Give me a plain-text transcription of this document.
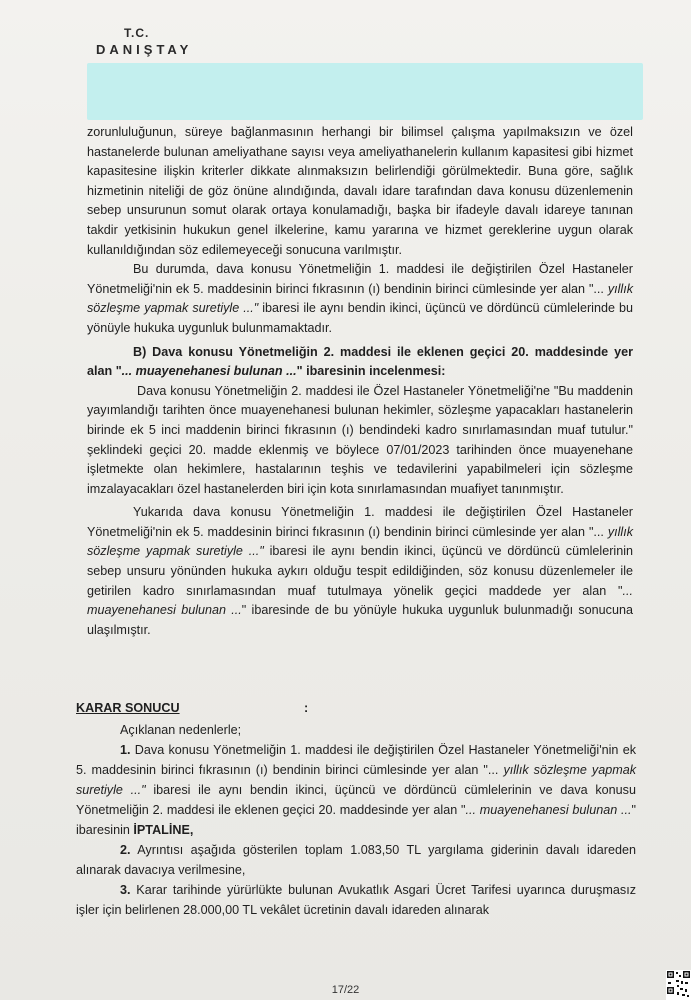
T.C.
DANIŞTAY

zorunluluğunun, süreye bağlanmasının herhangi bir bilimsel çalışma yapılmaksızın ve özel hastanelerde bulunan ameliyathane sayısı veya ameliyathanelerin kullanım kapasitesi gibi hizmet kapasitesine ilişkin kriterler dikkate alınmaksızın belirlendiği görülmektedir. Buna göre, sağlık hizmetinin niteliği de göz önüne alındığında, davalı idare tarafından dava konusu düzenlemenin sebep unsurunun somut olarak ortaya konulamadığı, başka bir ifadeyle davalı idareye tanınan takdir yetkisinin hukukun genel ilkelerine, kamu yararına ve hizmet gereklerine uygun olarak kullanıldığından söz edilemeyeceği sonucuna varılmıştır.

Bu durumda, dava konusu Yönetmeliğin 1. maddesi ile değiştirilen Özel Hastaneler Yönetmeliği'nin ek 5. maddesinin birinci fıkrasının (ı) bendinin birinci cümlesinde yer alan "... yıllık sözleşme yapmak suretiyle ..." ibaresi ile aynı bendin ikinci, üçüncü ve dördüncü cümlelerinde bu yönüyle hukuka uygunluk bulunmamaktadır.

B) Dava konusu Yönetmeliğin 2. maddesi ile eklenen geçici 20. maddesinde yer alan "... muayenehanesi bulunan ..." ibaresinin incelenmesi:

Dava konusu Yönetmeliğin 2. maddesi ile Özel Hastaneler Yönetmeliği'ne "Bu maddenin yayımlandığı tarihten önce muayenehanesi bulunan hekimler, sözleşme yapacakları hastanelerin birinde ek 5 inci maddenin birinci fıkrasının (ı) bendindeki kadro sınırlamasından muaf tutulur." şeklindeki geçici 20. madde eklenmiş ve böylece 07/01/2023 tarihinden önce muayenehane işletmekte olan hekimlere, hastalarının teşhis ve tedavilerini yapabilmeleri için sözleşme imzalayacakları özel hastanelerden biri için kota sınırlamasından muafiyet tanınmıştır.

Yukarıda dava konusu Yönetmeliğin 1. maddesi ile değiştirilen Özel Hastaneler Yönetmeliği'nin ek 5. maddesinin birinci fıkrasının (ı) bendinin birinci cümlesinde yer alan "... yıllık sözleşme yapmak suretiyle ..." ibaresi ile aynı bendin ikinci, üçüncü ve dördüncü cümlelerinin sebep unsuru yönünden hukuka aykırı olduğu tespit edildiğinden, söz konusu düzenlemeler ile getirilen kadro sınırlamasından muaf tutulmaya yönelik geçici maddede yer alan "... muayenehanesi bulunan ..." ibaresinde de bu yönüyle hukuka uygunluk bulunmadığı sonucuna ulaşılmıştır.

KARAR SONUCU	:

Açıklanan nedenlerle;

1. Dava konusu Yönetmeliğin 1. maddesi ile değiştirilen Özel Hastaneler Yönetmeliği'nin ek 5. maddesinin birinci fıkrasının (ı) bendinin birinci cümlesinde yer alan "... yıllık sözleşme yapmak suretiyle ..." ibaresi ile aynı bendin ikinci, üçüncü ve dördüncü cümlelerinin ve dava konusu Yönetmeliğin 2. maddesi ile eklenen geçici 20. maddesinde yer alan "... muayenehanesi bulunan ..." ibaresinin İPTALİNE,

2. Ayrıntısı aşağıda gösterilen toplam 1.083,50 TL yargılama giderinin davalı idareden alınarak davacıya verilmesine,

3. Karar tarihinde yürürlükte bulunan Avukatlık Asgari Ücret Tarifesi uyarınca duruşmasız işler için belirlenen 28.000,00 TL vekâlet ücretinin davalı idareden alınarak

17/22
